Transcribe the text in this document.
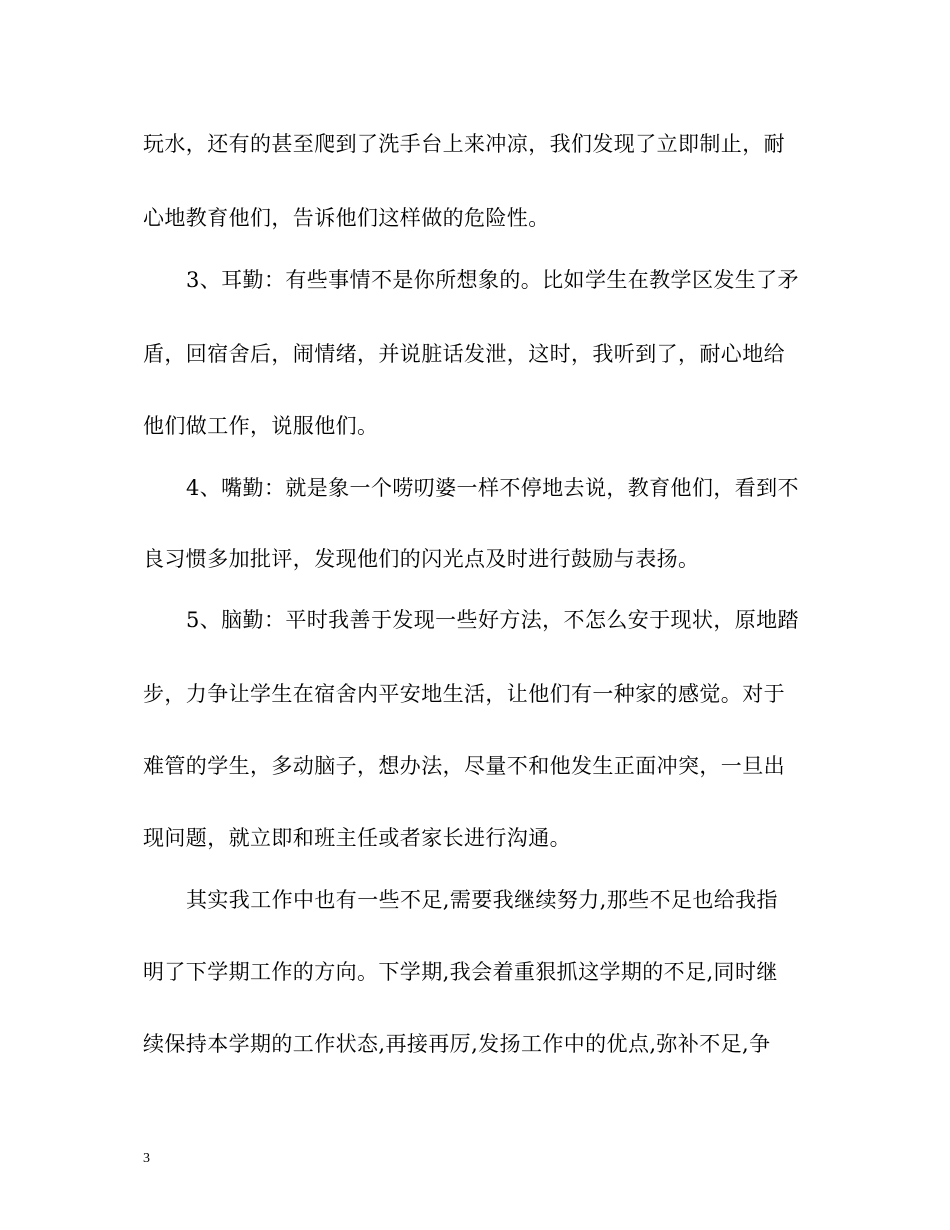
玩水，还有的甚至爬到了洗手台上来冲凉，我们发现了立即制止，耐
心地教育他们，告诉他们这样做的危险性。
3、耳勤：有些事情不是你所想象的。比如学生在教学区发生了矛
盾，回宿舍后，闹情绪，并说脏话发泄，这时，我听到了，耐心地给
他们做工作，说服他们。
4、嘴勤：就是象一个唠叨婆一样不停地去说，教育他们，看到不
良习惯多加批评，发现他们的闪光点及时进行鼓励与表扬。
5、脑勤：平时我善于发现一些好方法，不怎么安于现状，原地踏
步，力争让学生在宿舍内平安地生活，让他们有一种家的感觉。对于
难管的学生，多动脑子，想办法，尽量不和他发生正面冲突，一旦出
现问题，就立即和班主任或者家长进行沟通。
其实我工作中也有一些不足,需要我继续努力,那些不足也给我指
明了下学期工作的方向。下学期,我会着重狠抓这学期的不足,同时继
续保持本学期的工作状态,再接再厉,发扬工作中的优点,弥补不足,争
3
